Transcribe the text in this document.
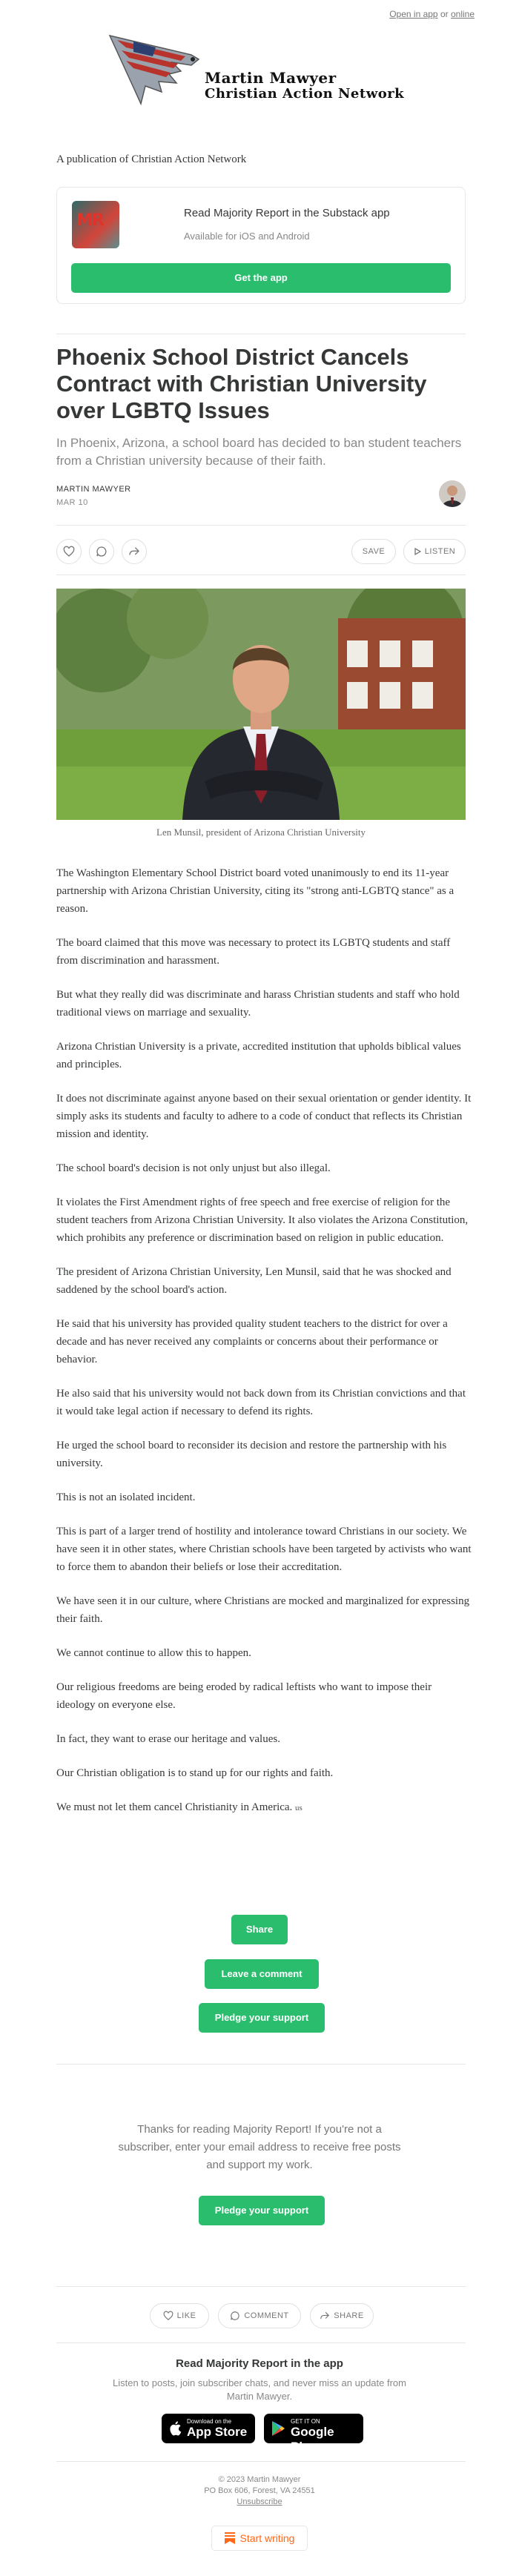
Open in app or online
Martin Mawyer
Christian Action Network
A publication of Christian Action Network
MR	Read Majority Report in the Substack app
Available for iOS and Android
Get the app
Phoenix School District Cancels Contract with Christian University over LGBTQ Issues
In Phoenix, Arizona, a school board has decided to ban student teachers from a Christian university because of their faith.
MARTIN MAWYER
MAR 10
SAVE	LISTEN
Len Munsil, president of Arizona Christian University

The Washington Elementary School District board voted unanimously to end its 11-year partnership with Arizona Christian University, citing its "strong anti-LGBTQ stance" as a reason.

The board claimed that this move was necessary to protect its LGBTQ students and staff from discrimination and harassment.

But what they really did was discriminate and harass Christian students and staff who hold traditional views on marriage and sexuality.

Arizona Christian University is a private, accredited institution that upholds biblical values and principles.

It does not discriminate against anyone based on their sexual orientation or gender identity. It simply asks its students and faculty to adhere to a code of conduct that reflects its Christian mission and identity.

The school board's decision is not only unjust but also illegal.

It violates the First Amendment rights of free speech and free exercise of religion for the student teachers from Arizona Christian University. It also violates the Arizona Constitution, which prohibits any preference or discrimination based on religion in public education.

The president of Arizona Christian University, Len Munsil, said that he was shocked and saddened by the school board's action.

He said that his university has provided quality student teachers to the district for over a decade and has never received any complaints or concerns about their performance or behavior.

He also said that his university would not back down from its Christian convictions and that it would take legal action if necessary to defend its rights.

He urged the school board to reconsider its decision and restore the partnership with his university.

This is not an isolated incident.

This is part of a larger trend of hostility and intolerance toward Christians in our society. We have seen it in other states, where Christian schools have been targeted by activists who want to force them to abandon their beliefs or lose their accreditation.

We have seen it in our culture, where Christians are mocked and marginalized for expressing their faith.

We cannot continue to allow this to happen.

Our religious freedoms are being eroded by radical leftists who want to impose their ideology on everyone else.

In fact, they want to erase our heritage and values.

Our Christian obligation is to stand up for our rights and faith.

We must not let them cancel Christianity in America. us

Share
Leave a comment
Pledge your support
Thanks for reading Majority Report! If you're not a subscriber, enter your email address to receive free posts and support my work.
Pledge your support
LIKE	COMMENT	SHARE
Read Majority Report in the app
Listen to posts, join subscriber chats, and never miss an update from Martin Mawyer.
Download on the
App Store
GET IT ON
Google Play
© 2023 Martin Mawyer
PO Box 606, Forest, VA 24551
Unsubscribe
Start writing
